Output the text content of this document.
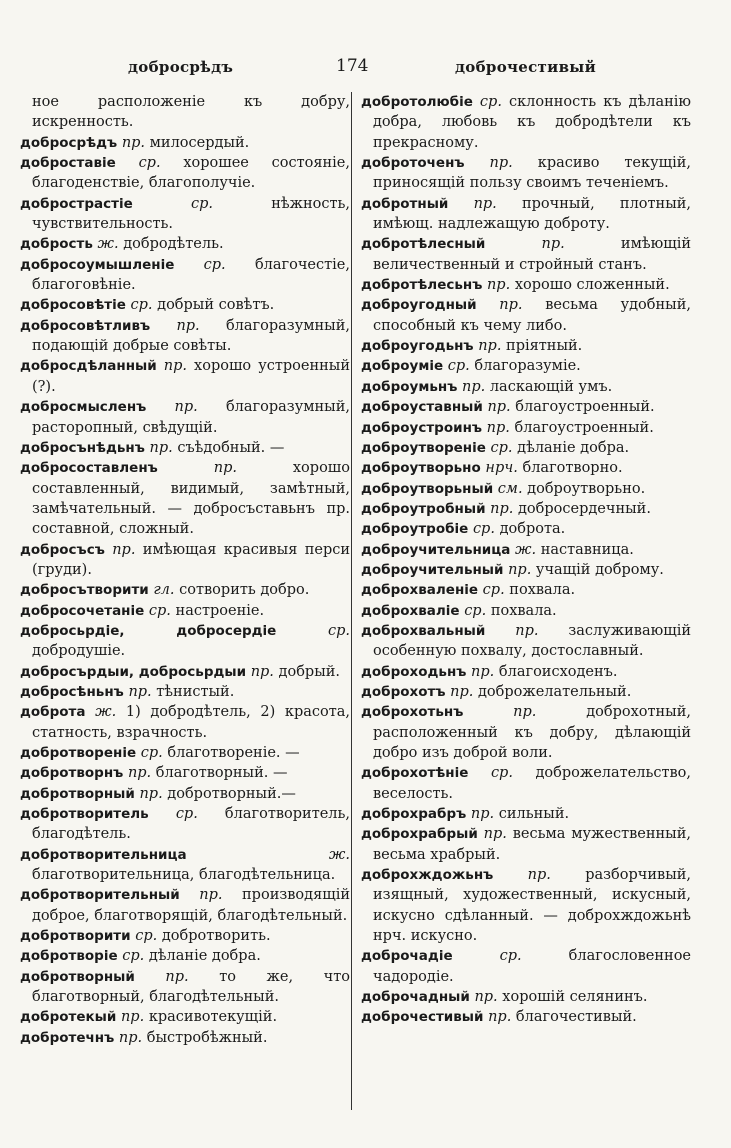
добросрѣдъ	174	доброчестивый

ное расположеніе къ добру, искренность.

добросрѣдъ пр. милосердый.

доброставіе ср. хорошее состояніе, благоденствіе, благополучіе.

добростраcтіе	ср.	нѣжность, чувствительность.

доброcть ж. добродѣтель.

добросоумышленіе ср. благочестіе, благоговѣніе.

добросовѣтіе ср. добрый совѣтъ.

добросовѣтливъ пр. благоразумный, подающій добрые совѣты.

добросдѣланный пр. хорошо устроенный (?).

добросмысленъ пр. благоразумный, расторопный, свѣдущій.

добросънѣдьнъ пр. съѣдобный. —

добросоставленъ	пр.	хорошо составленный, видимый, замѣтный, замѣчательный. — добросъставьнъ пр. составной, сложный.

добросъсъ пр. имѣющая красивыя перси (груди).

добросътворити гл. сотворить добро.

добросочетаніе ср. настроеніе.

добросьрдіе, добросердіе	ср. добродушіе.

добросърдыи, добросьрдыи пр. добрый.

добросѣньнъ пр. тѣнистый.

доброта ж. 1) добродѣтель, 2) красота, статность, взрачность.

добротвореніе ср. благотвореніе. —

добротворнъ пр. благотворный. —

добротворный пр. добротворный.—

добротворитель ср. благотворитель, благодѣтель.

добротворительница	ж. благотворительница, благодѣтельница.

добротворительный пр. производящій доброе, благотворящій, благодѣтельный.

добротворити ср. добротворить.

добротворіе ср. дѣланіе добра.

добротворный пр. то же, что благотворный, благодѣтельный.

добротекый пр. красивотекущій.

добротечнъ пр. быстробѣжный.

добротолюбіе ср. склонность къ дѣланію добра, любовь къ добродѣтели къ прекрасному.

доброточенъ пр. красиво текущій, приносящій пользу своимъ теченіемъ.

добротный пр. прочный, плотный, имѣющ. надлежащую доброту.

добротѣлесный	пр.	имѣющій величественный и стройный станъ.

добротѣлесьнъ пр. хорошо сложенный.

доброугодный пр. весьма удобный, способный къ чему либо.

доброугодьнъ пр. пріятный.

доброуміе ср. благоразуміе.

доброумьнъ пр. ласкающій умъ.

доброуставный пр. благоустроенный.

доброустроинъ пр. благоустроенный.

доброутвореніе ср. дѣланіе добра.

доброутворьно нрч. благотворно.

доброутворьный см. доброутворьно.

доброутробный пр. добросердечный.

доброутробіе ср. доброта.

доброучительница ж. наставница.

доброучительный пр. учащій доброму.

доброхваленіе ср. похвала.

доброхваліе ср. похвала.

доброхвальный пр. заслуживающій особенную похвалу, достославный.

доброходьнъ пр. благоисходенъ.

доброхотъ пр. доброжелательный.

доброхотьнъ	пр.	доброхотный, расположенный къ добру, дѣлающій добро изъ доброй воли.

доброхотѣніе ср. доброжелательство, веселость.

доброхрабръ пр. сильный.

доброхрабрый пр. весьма мужественный, весьма храбрый.

доброхждожьнъ пр. разборчивый, изящный, художественный, искусный, искусно сдѣланный. — доброхждожьнѣ нрч. искусно.

доброчадіе	ср.	благословенное чадородіе.

доброчадный пр. хорошій селянинъ.

доброчестивый пр. благочестивый.
